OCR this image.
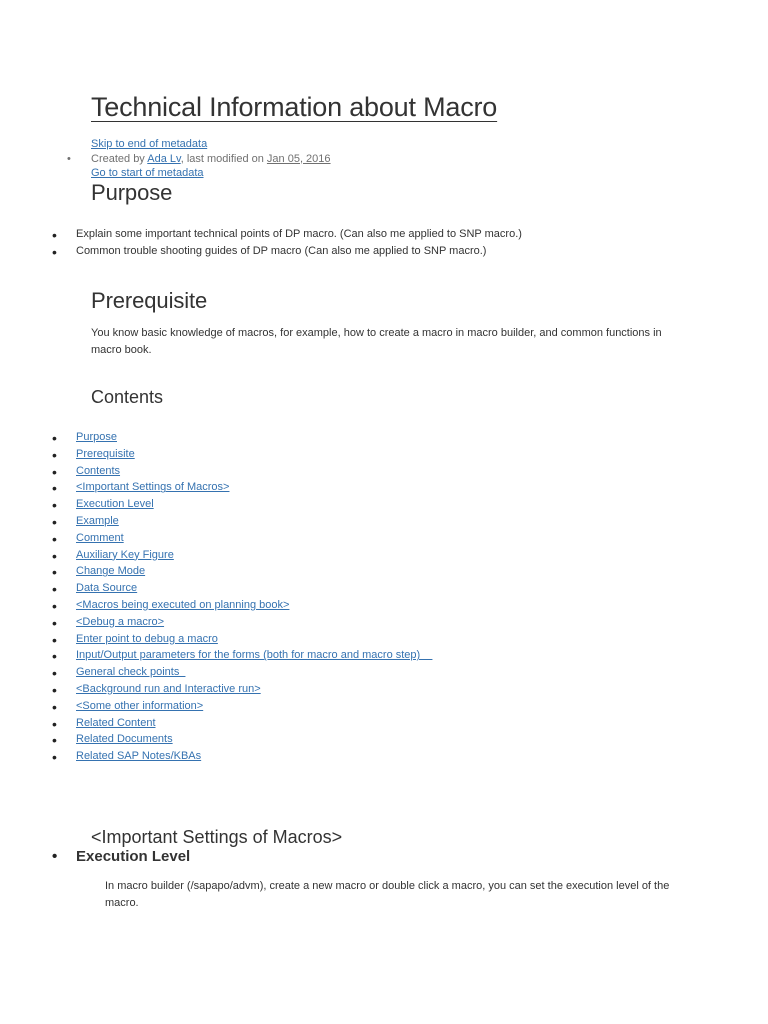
Technical Information about Macro
Skip to end of metadata
• Created by Ada Lv, last modified on Jan 05, 2016
Go to start of metadata
Purpose
• Explain some important technical points of DP macro. (Can also me applied to SNP macro.)
• Common trouble shooting guides of DP macro (Can also me applied to SNP macro.)
Prerequisite

You know basic knowledge of macros, for example, how to create a macro in macro builder, and common functions in
macro book.

Contents
• Purpose
• Prerequisite
• Contents
• <Important Settings of Macros>
• Execution Level
• Example
• Comment
• Auxiliary Key Figure
• Change Mode
• Data Source
• <Macros being executed on planning book>
• <Debug a macro>
• Enter point to debug a macro
• Input/Output parameters for the forms (both for macro and macro step)
• General check points
• <Background run and Interactive run>
• <Some other information>
• Related Content
• Related Documents
• Related SAP Notes/KBAs
<Important Settings of Macros>
• Execution Level

In macro builder (/sapapo/advm), create a new macro or double click a macro, you can set the execution level of the
macro.
